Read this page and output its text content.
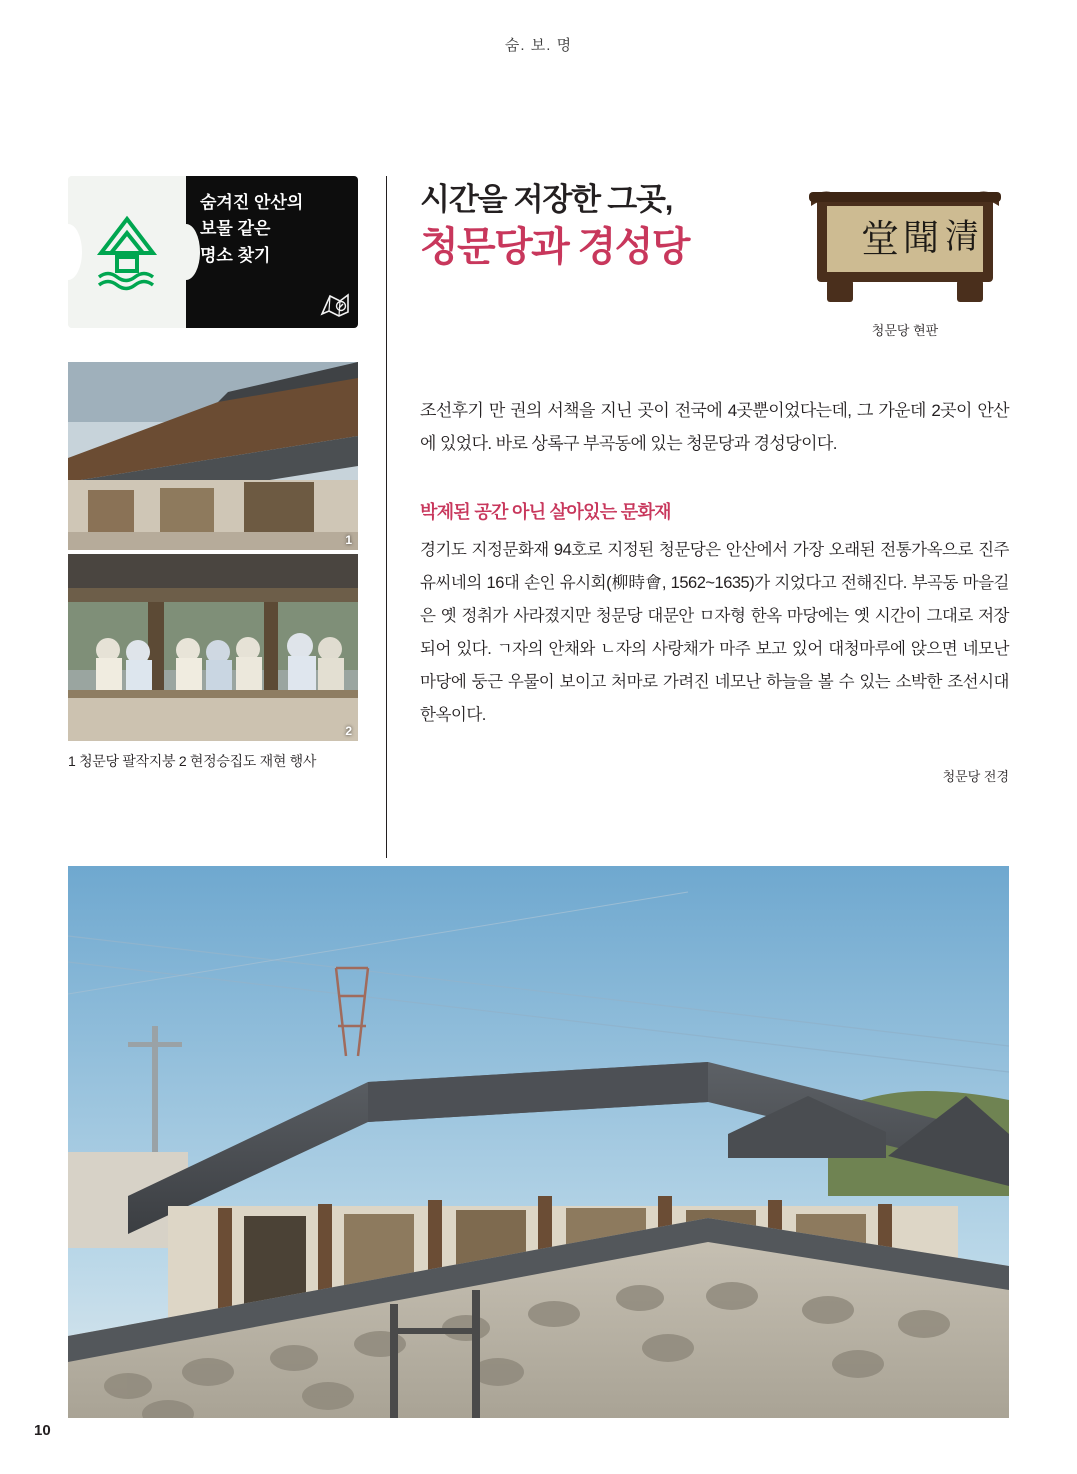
숨. 보. 명
숨겨진 안산의
보물 같은
명소 찾기
1
2
1 청문당 팔작지붕 2 현정승집도 재현 행사
시간을 저장한 그곳,
청문당과 경성당	堂 聞 清
청문당 현판
조선후기 만 권의 서책을 지닌 곳이 전국에 4곳뿐이었다는데, 그 가운데 2곳이 안산에 있었다. 바로 상록구 부곡동에 있는 청문당과 경성당이다.
박제된 공간 아닌 살아있는 문화재
경기도 지정문화재 94호로 지정된 청문당은 안산에서 가장 오래된 전통가옥으로 진주 유씨네의 16대 손인 유시회(柳時會, 1562~1635)가 지었다고 전해진다. 부곡동 마을길은 옛 정취가 사라졌지만 청문당 대문안 ㅁ자형 한옥 마당에는 옛 시간이 그대로 저장되어 있다. ㄱ자의 안채와 ㄴ자의 사랑채가 마주 보고 있어 대청마루에 앉으면 네모난 마당에 둥근 우물이 보이고 처마로 가려진 네모난 하늘을 볼 수 있는 소박한 조선시대 한옥이다.
청문당 전경
10
